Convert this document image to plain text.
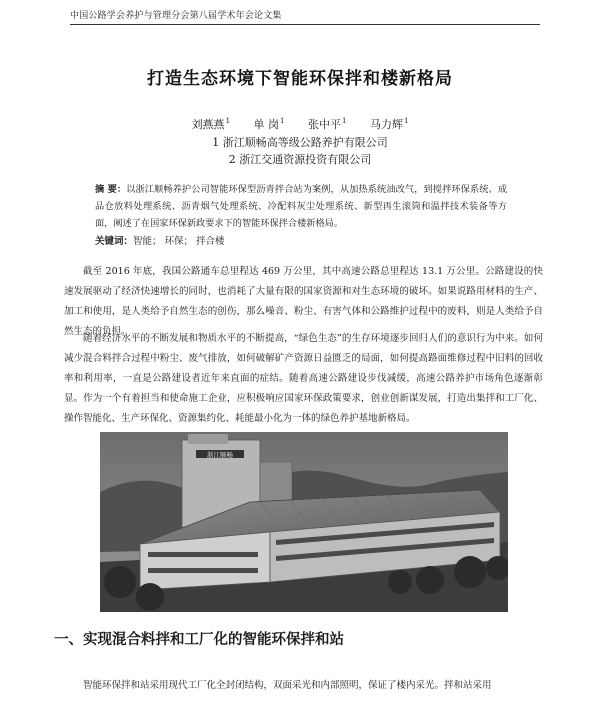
中国公路学会养护与管理分会第八届学术年会论文集
打造生态环境下智能环保拌和楼新格局
刘燕燕$^1$ 单 岗$^1$ 张中平$^1$ 马力辉$^1$
1 浙江顺畅高等级公路养护有限公司
2 浙江交通资源投资有限公司
摘 要：以浙江顺畅养护公司智能环保型沥青拌合站为案例，从加热系统油改气，到搅拌环保系统、成品仓放料处理系统、沥青烟气处理系统、冷配料灰尘处理系统、新型再生滚筒和温拌技术装备等方面，阐述了在国家环保新政要求下的智能环保拌合楼新格局。
关键词：智能； 环保； 拌合楼

截至 2016 年底，我国公路通车总里程达 469 万公里，其中高速公路总里程达 13.1 万公里。公路建设的快速发展驱动了经济快速增长的同时，也消耗了大量有限的国家资源和对生态环境的破坏。如果说路用材料的生产、加工和使用，是人类给予自然生态的创伤，那么噪音、粉尘、有害气体和公路维护过程中的废料，则是人类给予自然生态的负担。

随着经济水平的不断发展和物质水平的不断提高，“绿色生态”的生存环境逐步回归人们的意识行为中来。如何减少混合料拌合过程中粉尘、废气排放，如何破解矿产资源日益匮乏的局面，如何提高路面维修过程中旧料的回收率和利用率，一直是公路建设者近年来直面的症结。随着高速公路建设步伐减缓，高速公路养护市场角色逐渐彰显。作为一个有着担当和使命施工企业，应积极响应国家环保政策要求，创业创新谋发展，打造出集拌和工厂化、操作智能化、生产环保化、资源集约化、耗能最小化为一体的绿色养护基地新格局。

浙江顺畅
一、实现混合料拌和工厂化的智能环保拌和站

智能环保拌和站采用现代工厂化全封闭结构，双面采光和内部照明，保证了楼内采光。拌和站采用
